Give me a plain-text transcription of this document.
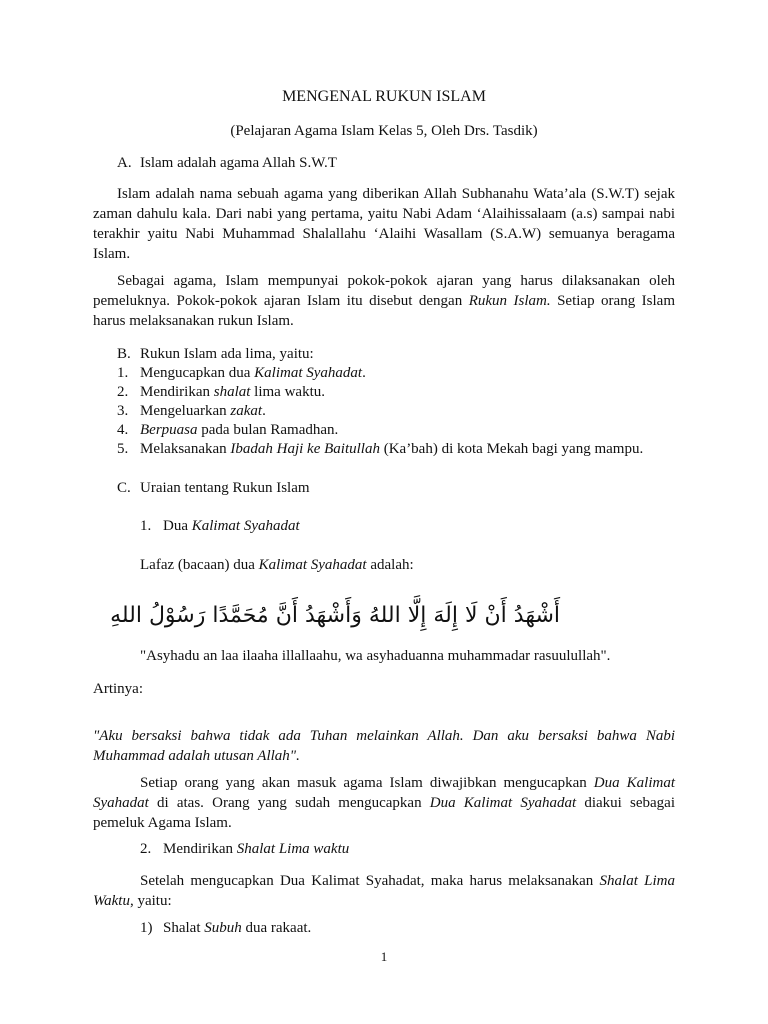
MENGENAL RUKUN ISLAM
(Pelajaran Agama Islam Kelas 5, Oleh Drs. Tasdik)
A. Islam adalah agama Allah S.W.T
Islam adalah nama sebuah agama yang diberikan Allah Subhanahu Wata’ala (S.W.T) sejak zaman dahulu kala. Dari nabi yang pertama, yaitu Nabi Adam ‘Alaihissalaam (a.s) sampai nabi terakhir yaitu Nabi Muhammad Shalallahu ‘Alaihi Wasallam (S.A.W) semuanya beragama Islam.
Sebagai agama, Islam mempunyai pokok-pokok ajaran yang harus dilaksanakan oleh pemeluknya. Pokok-pokok ajaran Islam itu disebut dengan Rukun Islam. Setiap orang Islam harus melaksanakan rukun Islam.
B. Rukun Islam ada lima, yaitu:
1. Mengucapkan dua Kalimat Syahadat.
2. Mendirikan shalat lima waktu.
3. Mengeluarkan zakat.
4. Berpuasa pada bulan Ramadhan.
5. Melaksanakan Ibadah Haji ke Baitullah (Ka’bah) di kota Mekah bagi yang mampu.
C. Uraian tentang Rukun Islam
1. Dua Kalimat Syahadat
Lafaz (bacaan) dua Kalimat Syahadat adalah:
أَشْهَدُ أَنْ لَا إِلَهَ إِلَّا اللهُ وَأَشْهَدُ أَنَّ مُحَمَّدًا رَسُوْلُ اللهِ
"Asyhadu an laa ilaaha illallaahu, wa asyhaduanna muhammadar rasuulullah".
Artinya:
"Aku bersaksi bahwa tidak ada Tuhan melainkan Allah. Dan aku bersaksi bahwa Nabi Muhammad adalah utusan Allah".
Setiap orang yang akan masuk agama Islam diwajibkan mengucapkan Dua Kalimat Syahadat di atas. Orang yang sudah mengucapkan Dua Kalimat Syahadat diakui sebagai pemeluk Agama Islam.
2. Mendirikan Shalat Lima waktu
Setelah mengucapkan Dua Kalimat Syahadat, maka harus melaksanakan Shalat Lima Waktu, yaitu:
1) Shalat Subuh dua rakaat.
1
